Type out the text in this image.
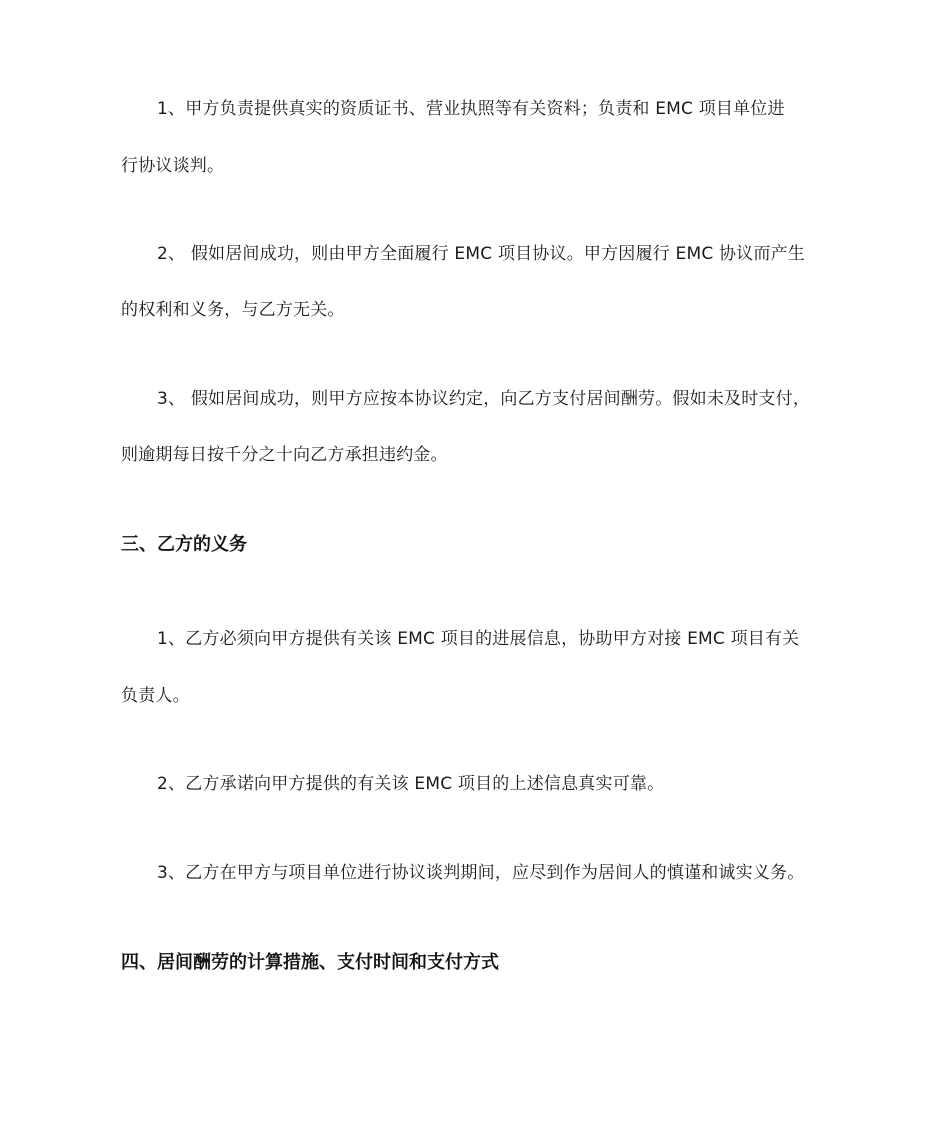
1、甲方负责提供真实的资质证书、营业执照等有关资料；负责和 EMC 项目单位进
行协议谈判。
2、 假如居间成功，则由甲方全面履行 EMC 项目协议。甲方因履行 EMC 协议而产生
的权利和义务，与乙方无关。
3、 假如居间成功，则甲方应按本协议约定，向乙方支付居间酬劳。假如未及时支付，
则逾期每日按千分之十向乙方承担违约金。
三、乙方的义务
1、乙方必须向甲方提供有关该 EMC 项目的进展信息，协助甲方对接 EMC 项目有关
负责人。
2、乙方承诺向甲方提供的有关该 EMC 项目的上述信息真实可靠。
3、乙方在甲方与项目单位进行协议谈判期间，应尽到作为居间人的慎谨和诚实义务。
四、居间酬劳的计算措施、支付时间和支付方式
